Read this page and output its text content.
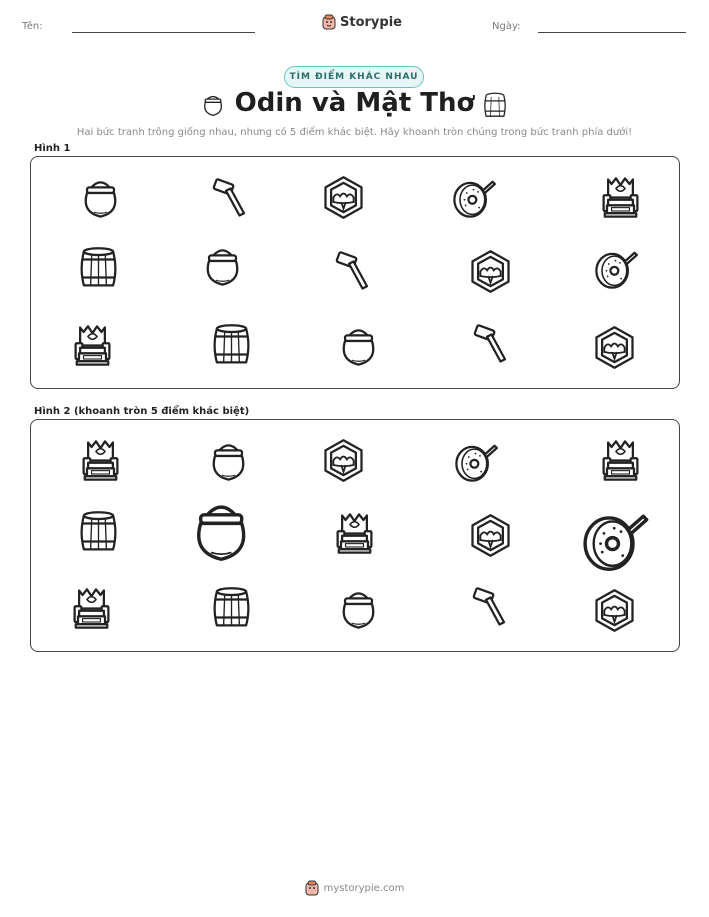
Tên:	Ngày:
Storypie
TÌM ĐIỂM KHÁC NHAU
Odin và Mật Thơ
Hai bức tranh trông giống nhau, nhưng có 5 điểm khác biệt. Hãy khoanh tròn chúng trong bức tranh phía dưới!
Hình 1
Hình 2 (khoanh tròn 5 điểm khác biệt)
mystorypie.com
